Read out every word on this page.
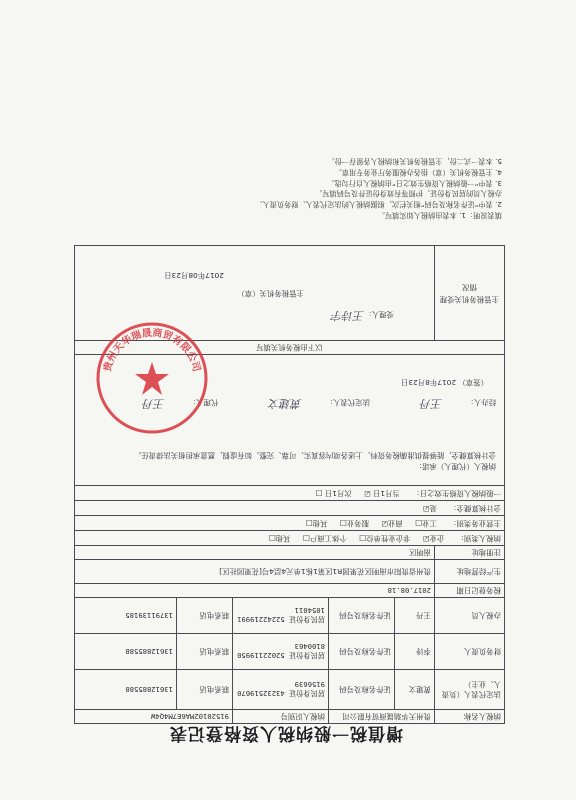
增值税一般纳税人资格登记表
纳税人名称	贵州天华瑞晟商贸有限公司		纳税人识别号	91520102MA6E7M4Q4W	
法定代表人（负责人、业主）	黄建文	证件名称及号码	居民身份证 432325196709156639	联系电话	13612885588
财务负责人	李诗	证件名称及号码	居民身份证 520221199508100463	联系电话	13612885588
办税人员	王丹	证件名称及号码	居民身份证 522422199911054011	联系电话	13791139185
税务登记日期	2017.08.18				
生产经营地址	贵州省贵阳市南明区花果园R1区第1栋1单元4层4号[花果园社区]				
注册地址	南明区				
纳税人类别： 企业☑ 非企业性单位□ 个体工商户□ 其他□					
主营业务类别： 工业□ 商业☑ 服务业□ 其他□					
会计核算健全： 是☑					
一般纳税人资格生效之日： 当月1日 ☑ 次月1日 □					

纳税人（代理人）承诺：
会计核算健全，能够提供准确税务资料，上述各项内容真实、可靠、完整。如有虚假，愿意承担相关法律责任。
经办人：王丹 法定代表人：黄建文 代理人：王丹
（签章） 2017年8月23日					

以下由税务机关填写					
主管税务机关受理情况	受理人：王诗宇
主管税务机关（章）
2017年08月23日				
填表说明：1. 本表由纳税人如实填写。
2. 表中“证件名称及号码”相关栏次，根据纳税人的法定代表人、财务负责人、
办税人员的居民身份证、护照等有效身份证件及号码填写。
3. 表中“一般纳税人资格生效之日”由纳税人自行勾选。
4. 主管税务机关（章）指各办税服务厅业务专用章。
5. 本表一式二份，主管税务机关和纳税人各留存一份。
贵州天华瑞晟商贸有限公司
